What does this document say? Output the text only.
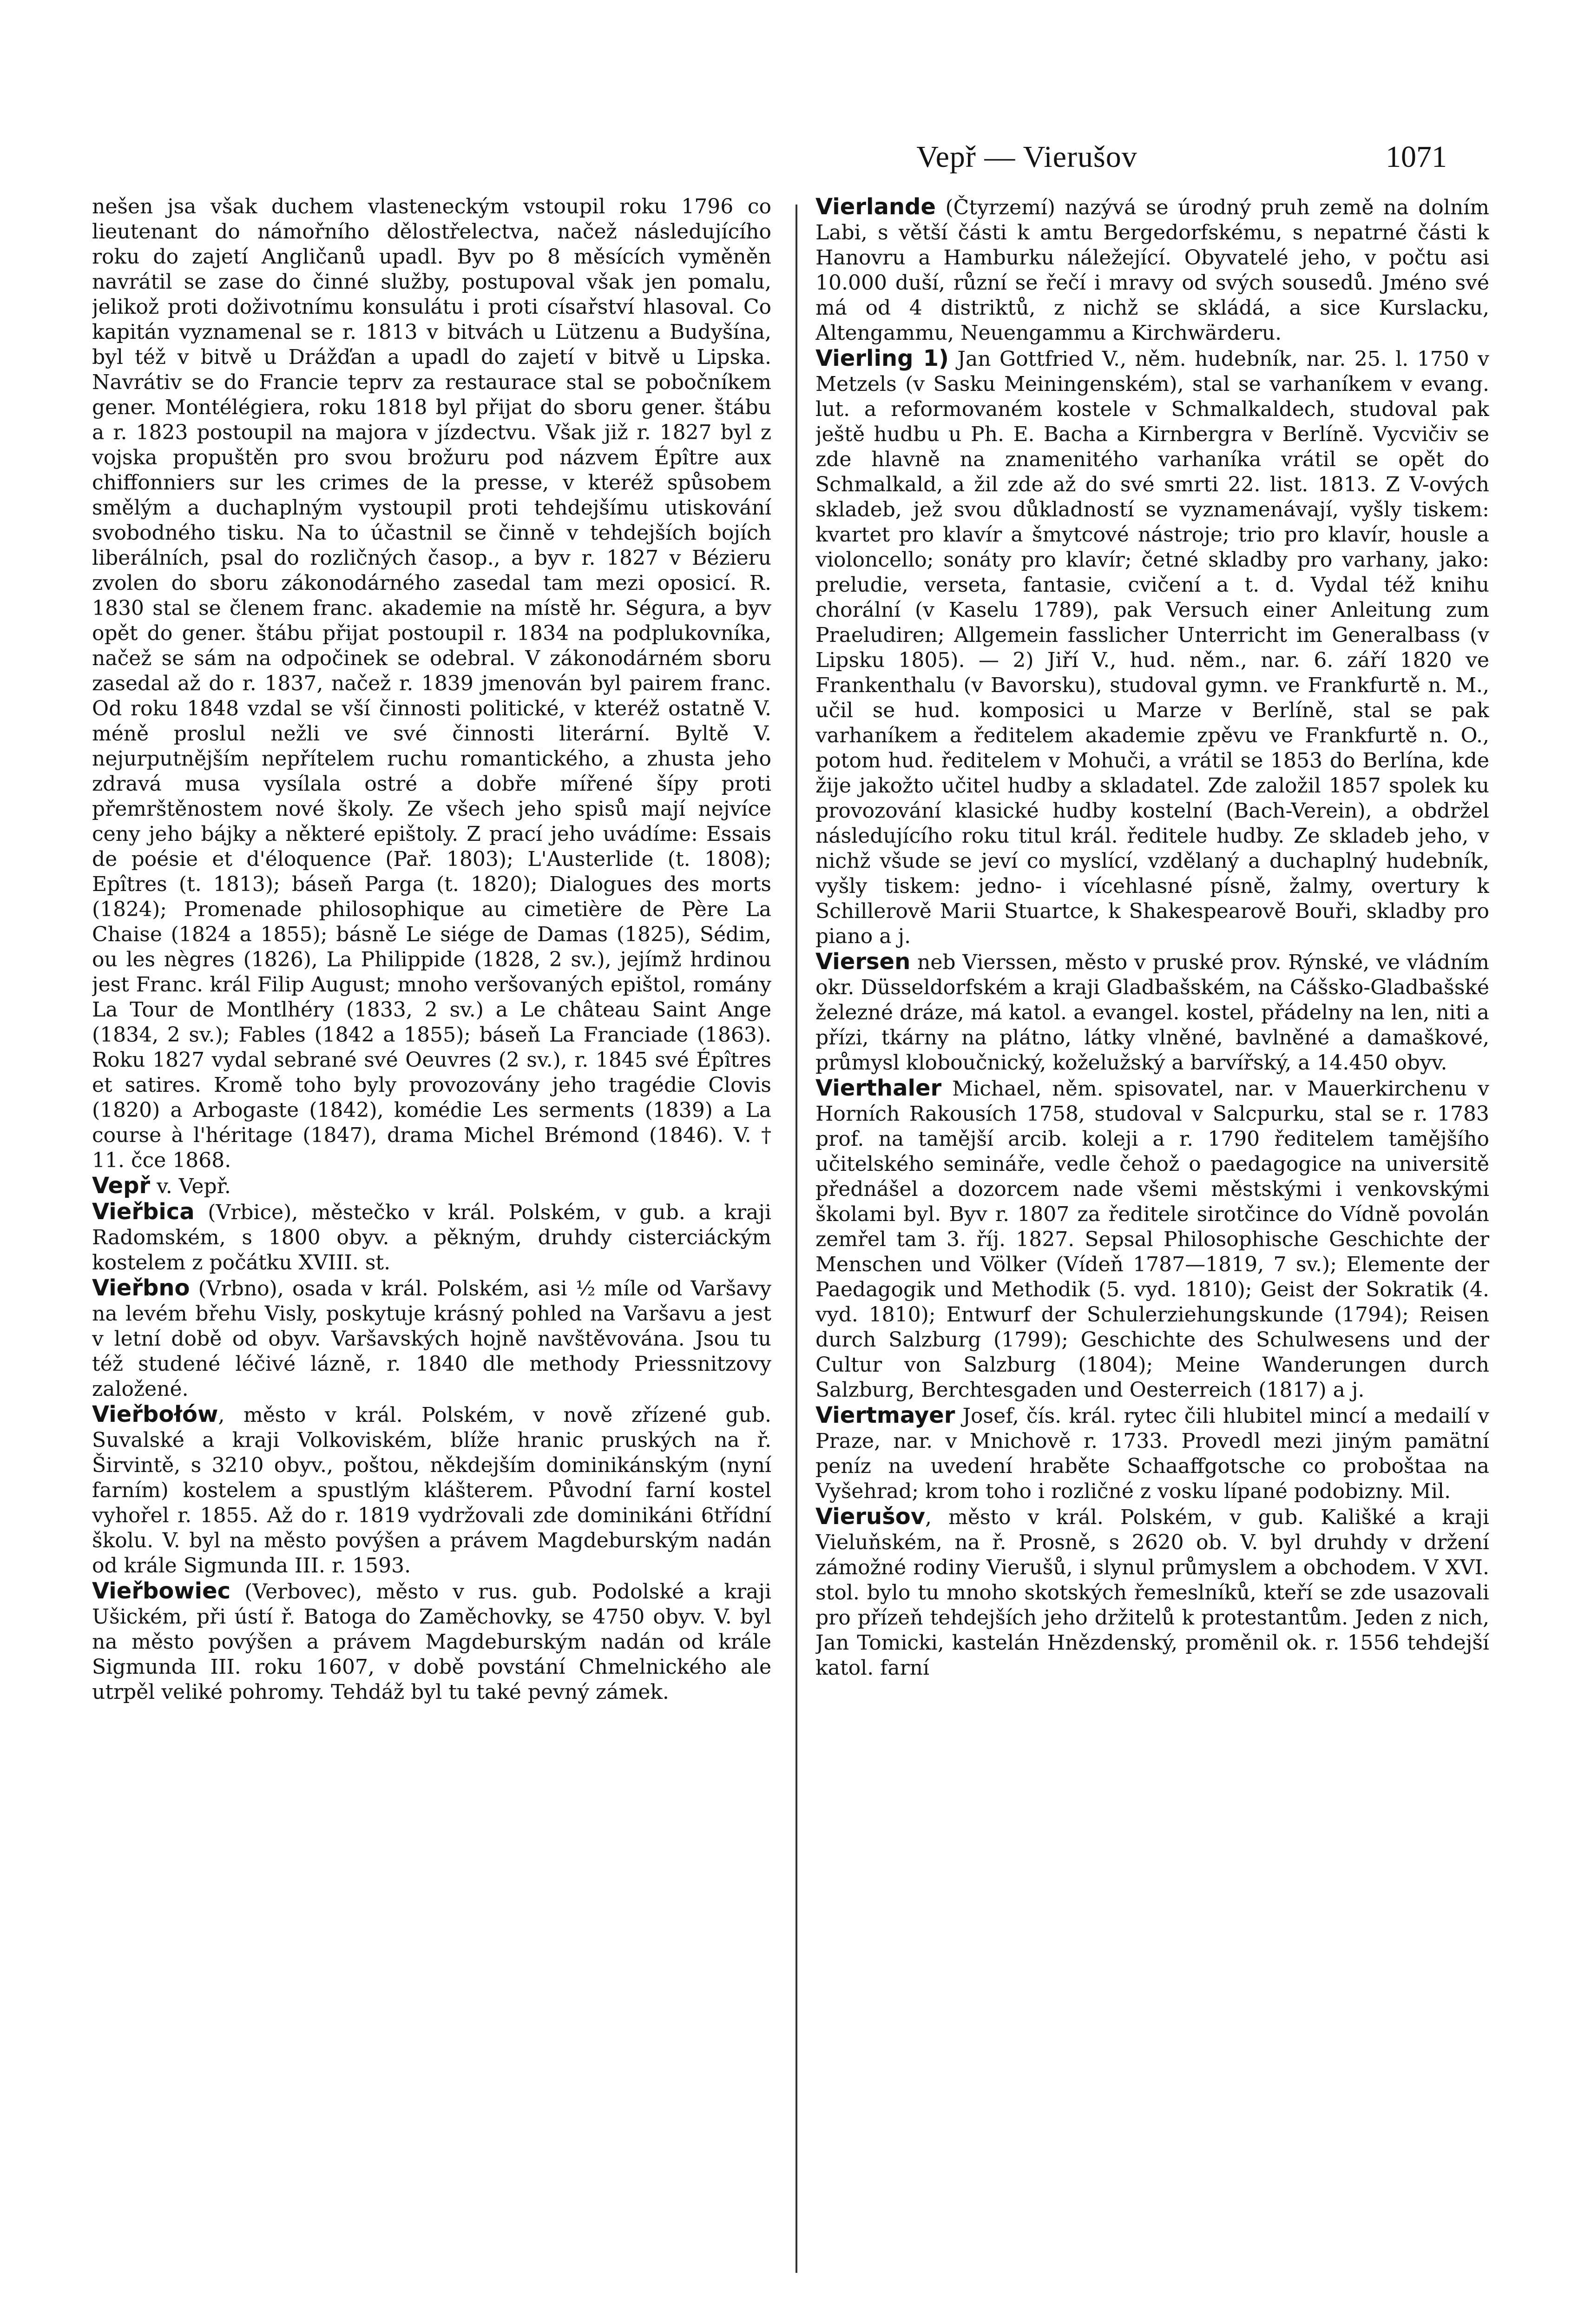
Vepř — Vierušov	1071

nešen jsa však duchem vlasteneckým vstoupil roku 1796 co lieutenant do námořního dělostřelectva, načež následujícího roku do zajetí Angličanů upadl. Byv po 8 měsících vyměněn navrátil se zase do činné služby, postupoval však jen pomalu, jelikož proti doživotnímu konsulátu i proti císařství hlasoval. Co kapitán vyznamenal se r. 1813 v bitvách u Lützenu a Budyšína, byl též v bitvě u Drážďan a upadl do zajetí v bitvě u Lipska. Navrátiv se do Francie teprv za restaurace stal se pobočníkem gener. Montélégiera, roku 1818 byl přijat do sboru gener. štábu a r. 1823 postoupil na majora v jízdectvu. Však již r. 1827 byl z vojska propuštěn pro svou brožuru pod názvem Épître aux chiffonniers sur les crimes de la presse, v kteréž spůsobem smělým a duchaplným vystoupil proti tehdejšímu utiskování svobodného tisku. Na to účastnil se činně v tehdejších bojích liberálních, psal do rozličných časop., a byv r. 1827 v Bézieru zvolen do sboru zákonodárného zasedal tam mezi oposicí. R. 1830 stal se členem franc. akademie na místě hr. Ségura, a byv opět do gener. štábu přijat postoupil r. 1834 na podplukovníka, načež se sám na odpočinek se odebral. V zákonodárném sboru zasedal až do r. 1837, načež r. 1839 jmenován byl pairem franc. Od roku 1848 vzdal se vší činnosti politické, v kteréž ostatně V. méně proslul nežli ve své činnosti literární. Byltě V. nejurputnějším nepřítelem ruchu romantického, a zhusta jeho zdravá musa vysílala ostré a dobře mířené šípy proti přemrštěnostem nové školy. Ze všech jeho spisů mají nejvíce ceny jeho bájky a některé epištoly. Z prací jeho uvádíme: Essais de poésie et d'éloquence (Pař. 1803); L'Austerlide (t. 1808); Epîtres (t. 1813); báseň Parga (t. 1820); Dialogues des morts (1824); Promenade philosophique au cimetière de Père La Chaise (1824 a 1855); básně Le siége de Damas (1825), Sédim, ou les nègres (1826), La Philippide (1828, 2 sv.), jejímž hrdinou jest Franc. král Filip August; mnoho veršovaných epištol, romány La Tour de Montlhéry (1833, 2 sv.) a Le château Saint Ange (1834, 2 sv.); Fables (1842 a 1855); báseň La Franciade (1863). Roku 1827 vydal sebrané své Oeuvres (2 sv.), r. 1845 své Épîtres et satires. Kromě toho byly provozovány jeho tragédie Clovis (1820) a Arbogaste (1842), komédie Les serments (1839) a La course à l'héritage (1847), drama Michel Brémond (1846). V. † 11. čce 1868.

Vepř v. Vepř.

Vieřbica (Vrbice), městečko v král. Polském, v gub. a kraji Radomském, s 1800 obyv. a pěkným, druhdy cisterciáckým kostelem z počátku XVIII. st.

Vieřbno (Vrbno), osada v král. Polském, asi ½ míle od Varšavy na levém břehu Visly, poskytuje krásný pohled na Varšavu a jest v letní době od obyv. Varšavských hojně navštěvována. Jsou tu též studené léčivé lázně, r. 1840 dle methody Priessnitzovy založené.

Vieřbołów, město v král. Polském, v nově zřízené gub. Suvalské a kraji Volkoviském, blíže hranic pruských na ř. Širvintě, s 3210 obyv., poštou, někdejším dominikánským (nyní farním) kostelem a spustlým klášterem. Původní farní kostel vyhořel r. 1855. Až do r. 1819 vydržovali zde dominikáni 6třídní školu. V. byl na město povýšen a právem Magdeburským nadán od krále Sigmunda III. r. 1593.

Vieřbowiec (Verbovec), město v rus. gub. Podolské a kraji Ušickém, při ústí ř. Batoga do Zaměchovky, se 4750 obyv. V. byl na město povýšen a právem Magdeburským nadán od krále Sigmunda III. roku 1607, v době povstání Chmelnického ale utrpěl veliké pohromy. Tehdáž byl tu také pevný zámek.

Vierlande (Čtyrzemí) nazývá se úrodný pruh země na dolním Labi, s větší části k amtu Bergedorfskému, s nepatrné části k Hanovru a Hamburku náležející. Obyvatelé jeho, v počtu asi 10.000 duší, různí se řečí i mravy od svých sousedů. Jméno své má od 4 distriktů, z nichž se skládá, a sice Kurslacku, Altengammu, Neuengammu a Kirchwärderu.

Vierling 1) Jan Gottfried V., něm. hudebník, nar. 25. l. 1750 v Metzels (v Sasku Meiningenském), stal se varhaníkem v evang. lut. a reformovaném kostele v Schmalkaldech, studoval pak ještě hudbu u Ph. E. Bacha a Kirnbergra v Berlíně. Vycvičiv se zde hlavně na znamenitého varhaníka vrátil se opět do Schmalkald, a žil zde až do své smrti 22. list. 1813. Z V-ových skladeb, jež svou důkladností se vyznamenávají, vyšly tiskem: kvartet pro klavír a šmytcové nástroje; trio pro klavír, housle a violoncello; sonáty pro klavír; četné skladby pro varhany, jako: preludie, verseta, fantasie, cvičení a t. d. Vydal též knihu chorální (v Kaselu 1789), pak Versuch einer Anleitung zum Praeludiren; Allgemein fasslicher Unterricht im Generalbass (v Lipsku 1805). — 2) Jiří V., hud. něm., nar. 6. září 1820 ve Frankenthalu (v Bavorsku), studoval gymn. ve Frankfurtě n. M., učil se hud. komposici u Marze v Berlíně, stal se pak varhaníkem a ředitelem akademie zpěvu ve Frankfurtě n. O., potom hud. ředitelem v Mohuči, a vrátil se 1853 do Berlína, kde žije jakožto učitel hudby a skladatel. Zde založil 1857 spolek ku provozování klasické hudby kostelní (Bach-Verein), a obdržel následujícího roku titul král. ředitele hudby. Ze skladeb jeho, v nichž všude se jeví co myslící, vzdělaný a duchaplný hudebník, vyšly tiskem: jedno- i vícehlasné písně, žalmy, overtury k Schillerově Marii Stuartce, k Shakespearově Bouři, skladby pro piano a j.

Viersen neb Vierssen, město v pruské prov. Rýnské, ve vládním okr. Düsseldorfském a kraji Gladbašském, na Cášsko-Gladbašské železné dráze, má katol. a evangel. kostel, přádelny na len, niti a přízi, tkárny na plátno, látky vlněné, bavlněné a damaškové, průmysl kloboučnický, koželužský a barvířský, a 14.450 obyv.

Vierthaler Michael, něm. spisovatel, nar. v Mauerkirchenu v Horních Rakousích 1758, studoval v Salcpurku, stal se r. 1783 prof. na tamější arcib. koleji a r. 1790 ředitelem tamějšího učitelského semináře, vedle čehož o paedagogice na universitě přednášel a dozorcem nade všemi městskými i venkovskými školami byl. Byv r. 1807 za ředitele sirotčince do Vídně povolán zemřel tam 3. říj. 1827. Sepsal Philosophische Geschichte der Menschen und Völker (Vídeň 1787—1819, 7 sv.); Elemente der Paedagogik und Methodik (5. vyd. 1810); Geist der Sokratik (4. vyd. 1810); Entwurf der Schulerziehungskunde (1794); Reisen durch Salzburg (1799); Geschichte des Schulwesens und der Cultur von Salzburg (1804); Meine Wanderungen durch Salzburg, Berchtesgaden und Oesterreich (1817) a j.

Viertmayer Josef, čís. král. rytec čili hlubitel mincí a medailí v Praze, nar. v Mnichově r. 1733. Provedl mezi jiným pamätní peníz na uvedení hraběte Schaaffgotsche co proboštaa na Vyšehrad; krom toho i rozličné z vosku lípané podobizny. Mil.

Vierušov, město v král. Polském, v gub. Kališké a kraji Vieluňském, na ř. Prosně, s 2620 ob. V. byl druhdy v držení zámožné rodiny Vierušů, i slynul průmyslem a obchodem. V XVI. stol. bylo tu mnoho skotských řemeslníků, kteří se zde usazovali pro přízeň tehdejších jeho držitelů k protestantům. Jeden z nich, Jan Tomicki, kastelán Hnězdenský, proměnil ok. r. 1556 tehdejší katol. farní
